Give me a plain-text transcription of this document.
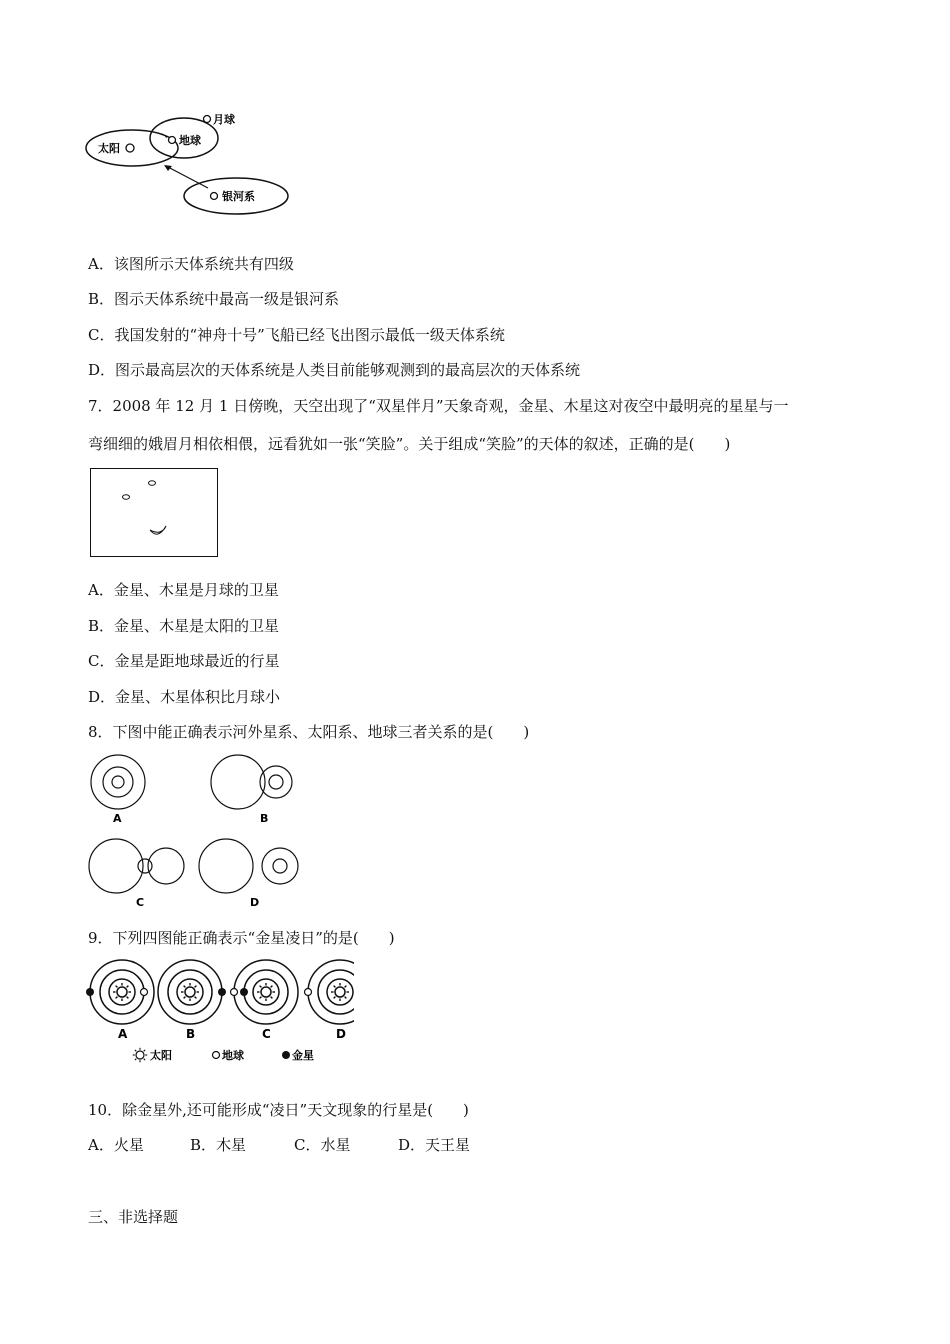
月球
地球
太阳
银河系
A．该图所示天体系统共有四级
B．图示天体系统中最高一级是银河系
C．我国发射的“神舟十号”飞船已经飞出图示最低一级天体系统
D．图示最高层次的天体系统是人类目前能够观测到的最高层次的天体系统
7．2008 年 12 月 1 日傍晚，天空出现了“双星伴月”天象奇观，金星、木星这对夜空中最明亮的星星与一
弯细细的娥眉月相依相偎，远看犹如一张“笑脸”。关于组成“笑脸”的天体的叙述，正确的是(　　)
A．金星、木星是月球的卫星
B．金星、木星是太阳的卫星
C．金星是距地球最近的行星
D．金星、木星体积比月球小
8．下图中能正确表示河外星系、太阳系、地球三者关系的是(　　)
A	B
C	D
9．下列四图能正确表示“金星凌日”的是(　　)
A	B	C	D
太阳	地球	金星
10．除金星外,还可能形成“凌日”天文现象的行星是(　　)
A．火星	B．木星	C．水星	D．天王星
三、非选择题
